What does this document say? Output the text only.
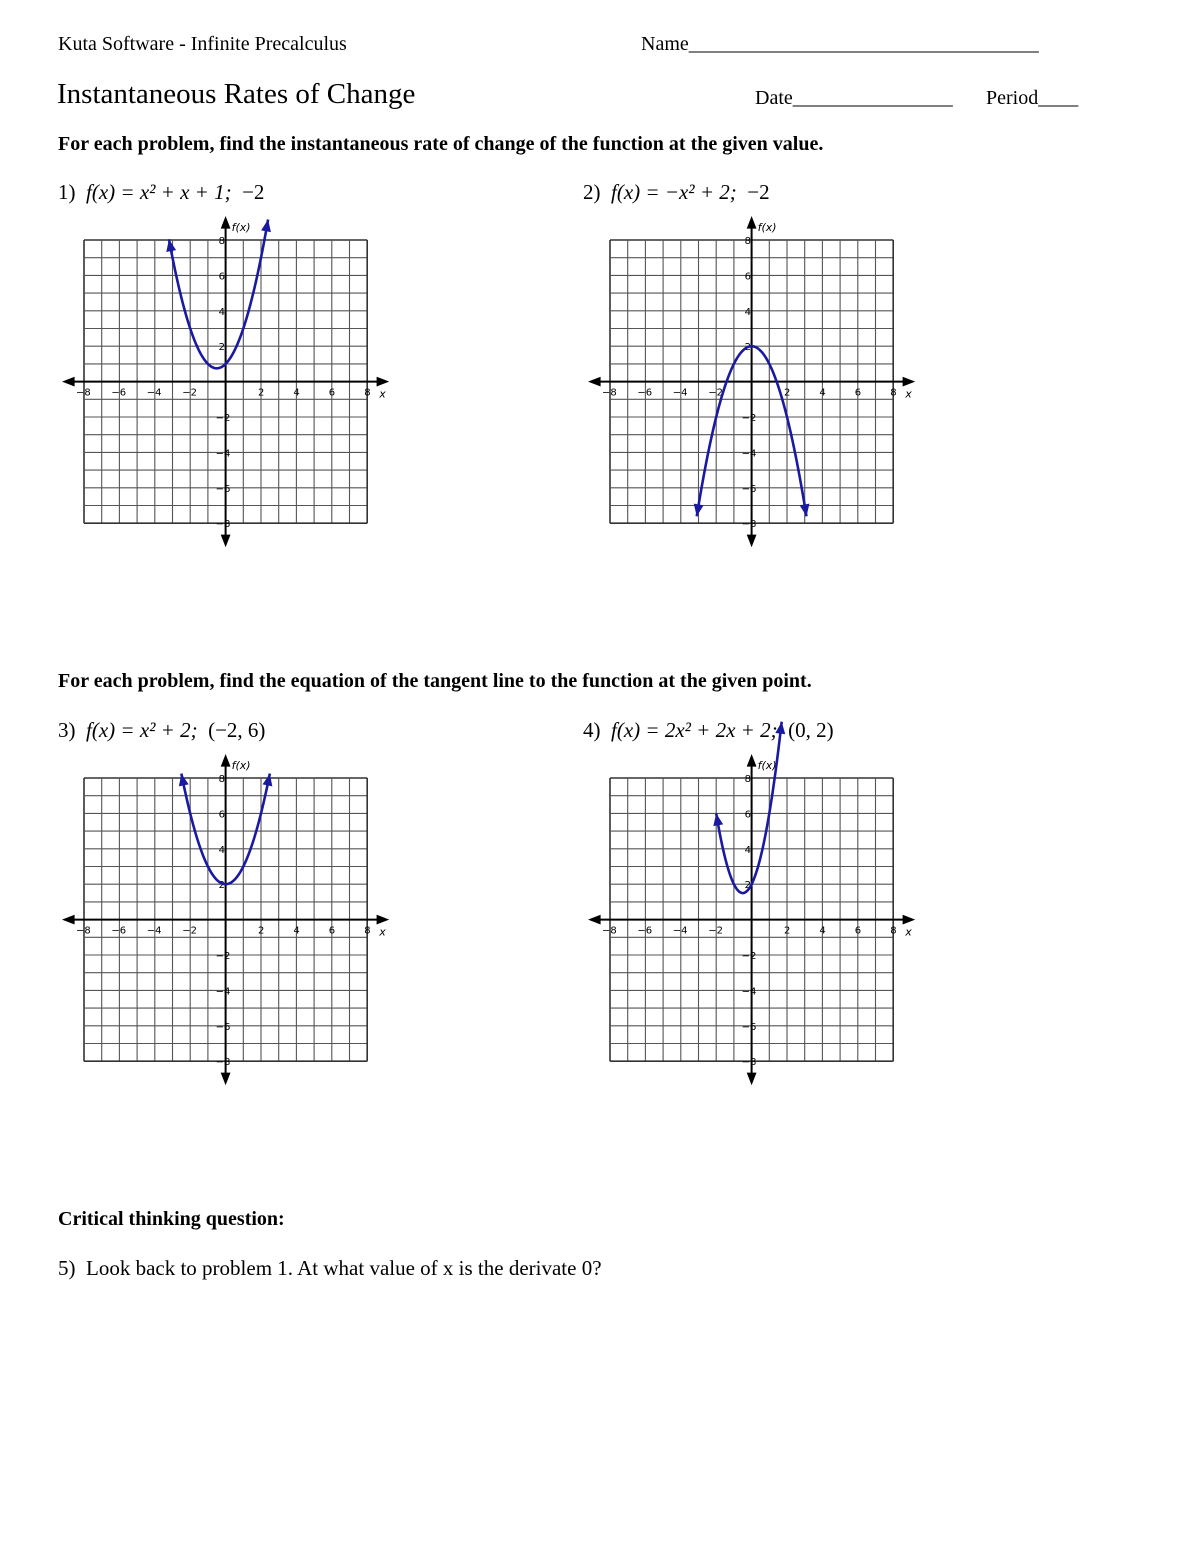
Kuta Software - Infinite Precalculus	Name___________________________________
Instantaneous Rates of Change	Date________________ Period____
For each problem, find the instantaneous rate of change of the function at the given value.
1) f(x) = x² + x + 1; −2	2) f(x) = −x² + 2; −2
f(x)
x
−8 −6 −4 −2	2	4	6	8
8
6
4
2
−2
−4
−6
−8
f(x)
x
−8 −6 −4 −2	2	4	6	8
8
6
4
2
−2
−4
−6
−8
For each problem, find the equation of the tangent line to the function at the given point.
3) f(x) = x² + 2; (−2, 6)	4) f(x) = 2x² + 2x + 2; (0, 2)
f(x)
x
−8 −6 −4 −2	2	4	6	8
8
6
4
2
−2
−4
−6
−8
f(x)
x
−8 −6 −4 −2	2	4	6	8
8
6
4
2
−2
−4
−6
−8
Critical thinking question:
5) Look back to problem 1. At what value of x is the derivate 0?
